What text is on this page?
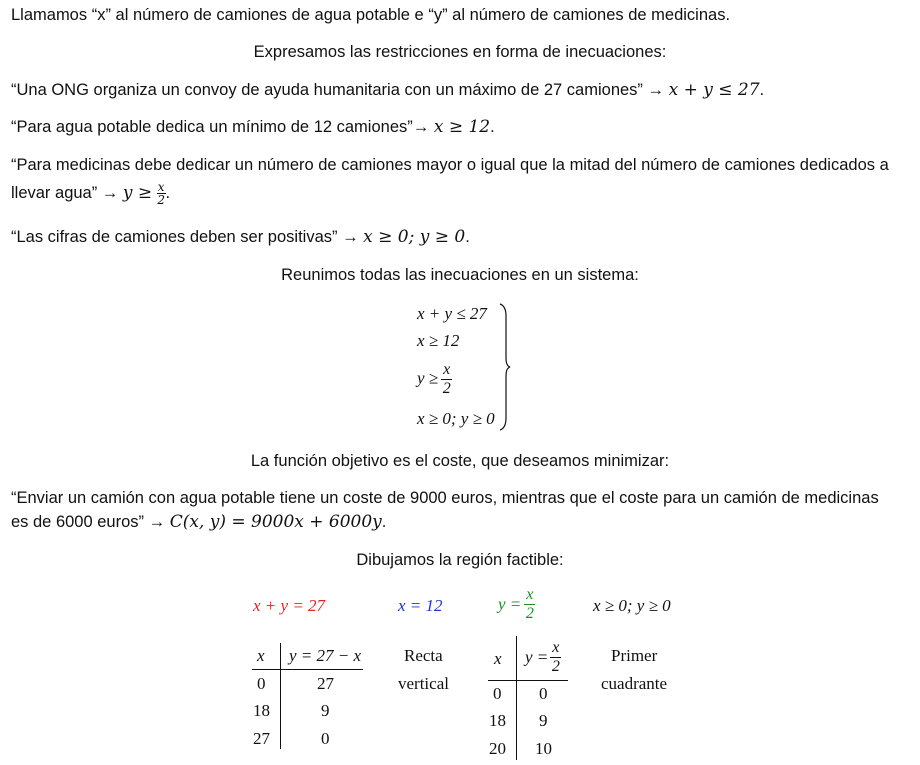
Llamamos “x” al número de camiones de agua potable e “y” al número de camiones de medicinas.

Expresamos las restricciones en forma de inecuaciones:

“Una ONG organiza un convoy de ayuda humanitaria con un máximo de 27 camiones” → x + y ≤ 27.

“Para agua potable dedica un mínimo de 12 camiones”→ x ≥ 12.

“Para medicinas debe dedicar un número de camiones mayor o igual que la mitad del número de camiones dedicados a

llevar agua” → $y \ge \frac{x}{2}$ .

“Las cifras de camiones deben ser positivas” → x ≥ 0; y ≥ 0.

Reunimos todas las inecuaciones en un sistema:

x + y ≤ 27
x ≥ 12
$y \ge \frac{x}{2}$
x ≥ 0; y ≥ 0

La función objetivo es el coste, que deseamos minimizar:

“Enviar un camión con agua potable tiene un coste de 9000 euros, mientras que el coste para un camión de medicinas

es de 6000 euros” → C(x, y) = 9000x + 6000y.

Dibujamos la región factible:

x + y = 27	x = 12	$y = \frac{x}{2}$	x ≥ 0; y ≥ 0
x y = 27 − x
0	27
18	9
27	0
Recta
vertical
x $y = \frac{x}{2}$
0 0
18 9
20 10
Primer
cuadrante
